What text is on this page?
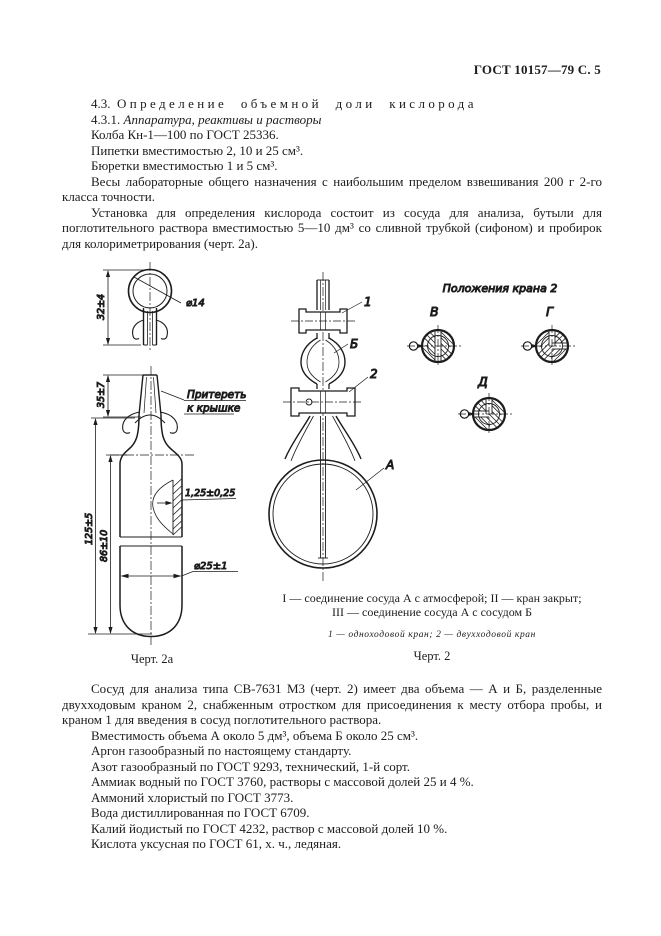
ГОСТ 10157—79 С. 5

4.3. Определение объемной доли кислорода

4.3.1. Аппаратура, реактивы и растворы

Колба Кн-1—100 по ГОСТ 25336.

Пипетки вместимостью 2, 10 и 25 см³.

Бюретки вместимостью 1 и 5 см³.

Весы лабораторные общего назначения с наибольшим пределом взвешивания 200 г 2-го класса точности.

Установка для определения кислорода состоит из сосуда для анализа, бутыли для поглотительного раствора вместимостью 5—10 дм³ со сливной трубкой (сифоном) и пробирок для колориметрирования (черт. 2а).

32±4	⌀14
1,25±0,25
⌀25±1
35±7
125±5
86±10
Притереть
к крышке
1
Б
2
А
Положения крана 2
В	Г
Д
Черт. 2а
I — соединение сосуда А с атмосферой; II — кран закрыт;
III — соединение сосуда А с сосудом Б
1 — одноходовой кран; 2 — двухходовой кран
Черт. 2

Сосуд для анализа типа СВ-7631 М3 (черт. 2) имеет два объема — А и Б, разделенные двухходовым краном 2, снабженным отростком для присоединения к месту отбора пробы, и краном 1 для введения в сосуд поглотительного раствора.

Вместимость объема А около 5 дм³, объема Б около 25 см³.

Аргон газообразный по настоящему стандарту.

Азот газообразный по ГОСТ 9293, технический, 1-й сорт.

Аммиак водный по ГОСТ 3760, растворы с массовой долей 25 и 4 %.

Аммоний хлористый по ГОСТ 3773.

Вода дистиллированная по ГОСТ 6709.

Калий йодистый по ГОСТ 4232, раствор с массовой долей 10 %.

Кислота уксусная по ГОСТ 61, х. ч., ледяная.
